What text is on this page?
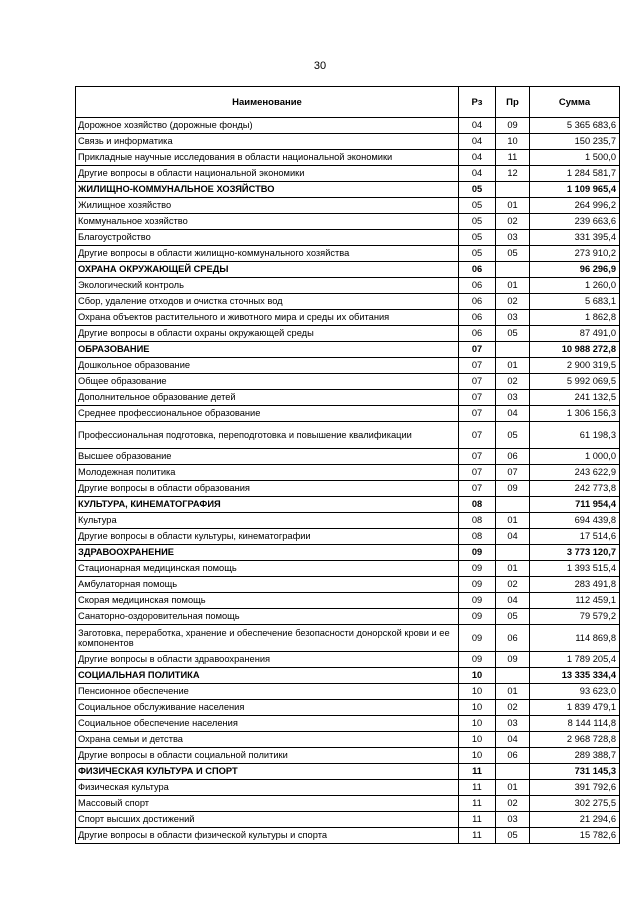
30
Наименование	Рз	Пр	Сумма
Дорожное хозяйство (дорожные фонды)	04	09	5 365 683,6
Связь и информатика	04	10	150 235,7
Прикладные научные исследования в области национальной экономики	04	11	1 500,0
Другие вопросы в области национальной экономики	04	12	1 284 581,7
ЖИЛИЩНО-КОММУНАЛЬНОЕ ХОЗЯЙСТВО	05		1 109 965,4
Жилищное хозяйство	05	01	264 996,2
Коммунальное хозяйство	05	02	239 663,6
Благоустройство	05	03	331 395,4
Другие вопросы в области жилищно-коммунального хозяйства	05	05	273 910,2
ОХРАНА ОКРУЖАЮЩЕЙ СРЕДЫ	06		96 296,9
Экологический контроль	06	01	1 260,0
Сбор, удаление отходов и очистка сточных вод	06	02	5 683,1
Охрана объектов растительного и животного мира и среды их обитания	06	03	1 862,8
Другие вопросы в области охраны окружающей среды	06	05	87 491,0
ОБРАЗОВАНИЕ	07		10 988 272,8
Дошкольное образование	07	01	2 900 319,5
Общее образование	07	02	5 992 069,5
Дополнительное образование детей	07	03	241 132,5
Среднее профессиональное образование	07	04	1 306 156,3
Профессиональная подготовка, переподготовка и повышение квалификации	07	05	61 198,3
Высшее образование	07	06	1 000,0
Молодежная политика	07	07	243 622,9
Другие вопросы в области образования	07	09	242 773,8
КУЛЬТУРА, КИНЕМАТОГРАФИЯ	08		711 954,4
Культура	08	01	694 439,8
Другие вопросы в области культуры, кинематографии	08	04	17 514,6
ЗДРАВООХРАНЕНИЕ	09		3 773 120,7
Стационарная медицинская помощь	09	01	1 393 515,4
Амбулаторная помощь	09	02	283 491,8
Скорая медицинская помощь	09	04	112 459,1
Санаторно-оздоровительная помощь	09	05	79 579,2
Заготовка, переработка, хранение и обеспечение безопасности донорской крови и ее компонентов	09	06	114 869,8
Другие вопросы в области здравоохранения	09	09	1 789 205,4
СОЦИАЛЬНАЯ ПОЛИТИКА	10		13 335 334,4
Пенсионное обеспечение	10	01	93 623,0
Социальное обслуживание населения	10	02	1 839 479,1
Социальное обеспечение населения	10	03	8 144 114,8
Охрана семьи и детства	10	04	2 968 728,8
Другие вопросы в области социальной политики	10	06	289 388,7
ФИЗИЧЕСКАЯ КУЛЬТУРА И СПОРТ	11		731 145,3
Физическая культура	11	01	391 792,6
Массовый спорт	11	02	302 275,5
Спорт высших достижений	11	03	21 294,6
Другие вопросы в области физической культуры и спорта	11	05	15 782,6
